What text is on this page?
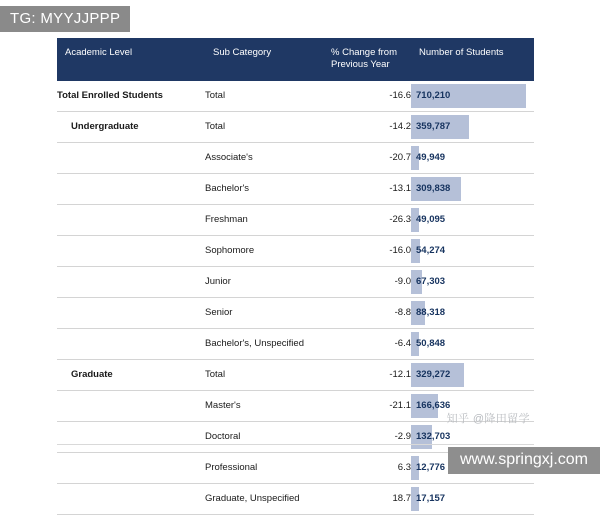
TG: MYYJJPPP
Academic Level	Sub Category	% Change from Previous Year	Number of Students
Total Enrolled Students	Total	-16.6	710,210

Undergraduate	Total	-14.2	359,787

	Associate's	-20.7	49,949

	Bachelor's	-13.1	309,838

	Freshman	-26.3	49,095

	Sophomore	-16.0	54,274

	Junior	-9.0	67,303

	Senior	-8.8	88,318

	Bachelor's, Unspecified	-6.4	50,848

Graduate	Total	-12.1	329,272

	Master's	-21.1	166,636

	Doctoral	-2.9	132,703

	Professional	6.3	12,776

	Graduate, Unspecified	18.7	17,157
知乎 @降田留学
www.springxj.com
